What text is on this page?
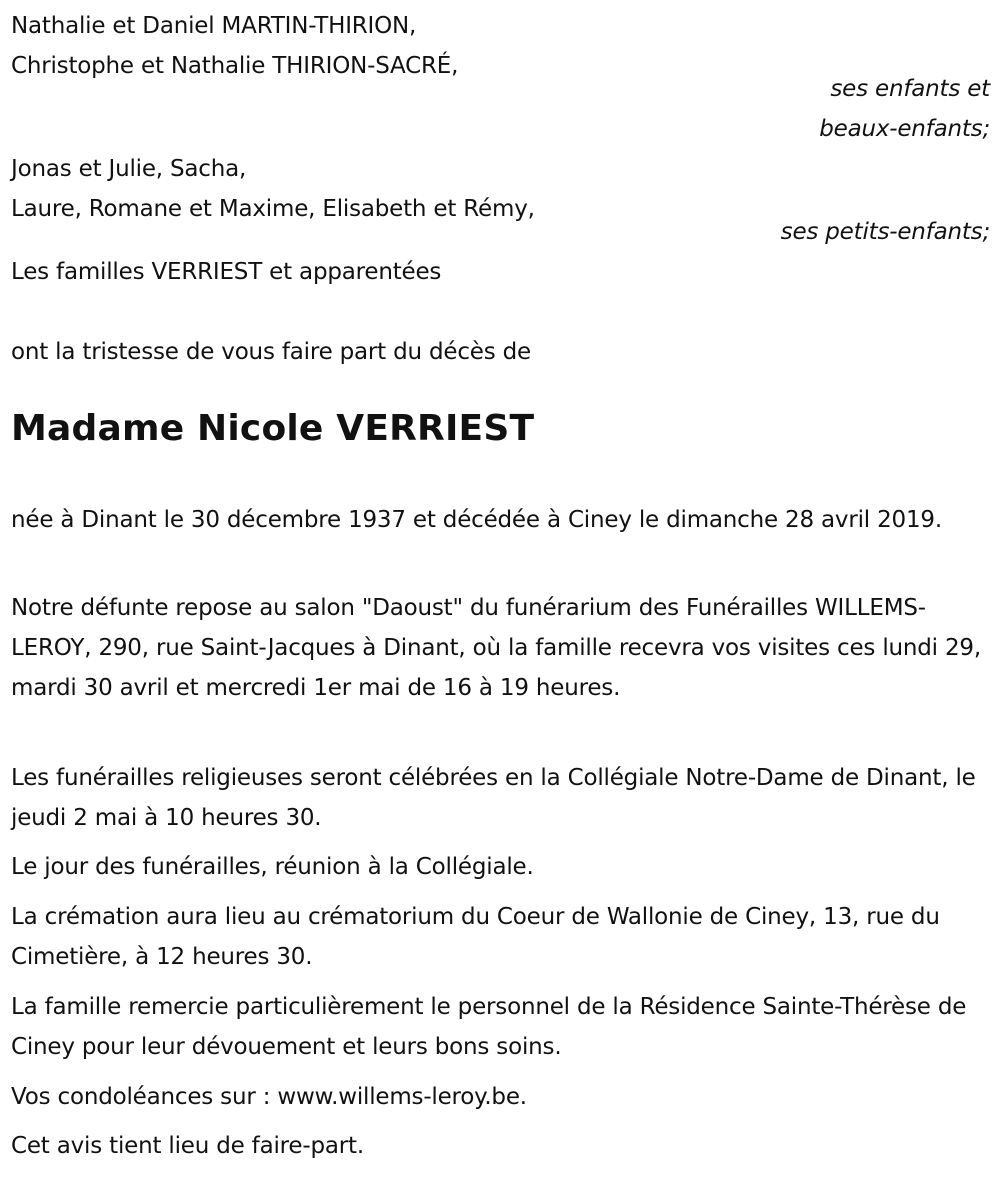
Nathalie et Daniel MARTIN-THIRION,
Christophe et Nathalie THIRION-SACRÉ,
ses enfants et
beaux-enfants;
Jonas et Julie, Sacha,
Laure, Romane et Maxime, Elisabeth et Rémy,
ses petits-enfants;
Les familles VERRIEST et apparentées
ont la tristesse de vous faire part du décès de
Madame Nicole VERRIEST
née à Dinant le 30 décembre 1937 et décédée à Ciney le dimanche 28 avril 2019.
Notre défunte repose au salon "Daoust" du funérarium des Funérailles WILLEMS-LEROY, 290, rue Saint-Jacques à Dinant, où la famille recevra vos visites ces lundi 29, mardi 30 avril et mercredi 1er mai de 16 à 19 heures.
Les funérailles religieuses seront célébrées en la Collégiale Notre-Dame de Dinant, le jeudi 2 mai à 10 heures 30.
Le jour des funérailles, réunion à la Collégiale.
La crémation aura lieu au crématorium du Coeur de Wallonie de Ciney, 13, rue du Cimetière, à 12 heures 30.
La famille remercie particulièrement le personnel de la Résidence Sainte-Thérèse de Ciney pour leur dévouement et leurs bons soins.
Vos condoléances sur : www.willems-leroy.be.
Cet avis tient lieu de faire-part.
